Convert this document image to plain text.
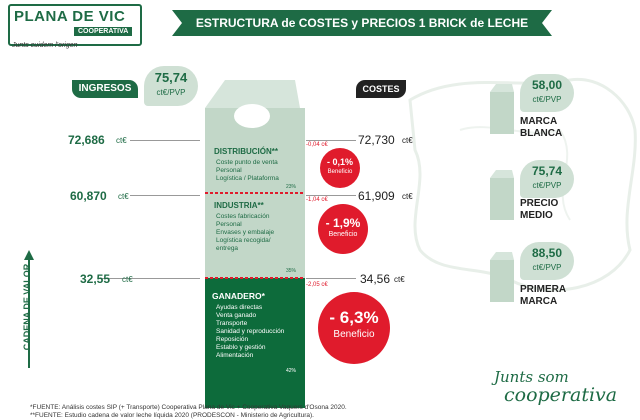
PLANA DE VIC
COOPERATIVA
Junts cuidem l'origen
ESTRUCTURA de COSTES y PRECIOS 1 BRICK de LECHE
INGRESOS
75,74
ct€/PVP	COSTES
72,686 ct€	72,730 ct€
-0,04 c€
60,870 ct€	61,909 ct€
-1,04 c€
32,55 ct€	34,56 ct€
-2,05 c€
DISTRIBUCIÓN**
Coste punto de venta
Personal
Logística / Plataforma
23%
INDUSTRIA**
Costes fabricación
Personal
Envases y embalaje
Logística recogida/
entrega
35%
GANADERO*
Ayudas directas
Venta ganado
Transporte
Sanidad y reproducción
Reposición
Establo y gestión
Alimentación
42%
- 0,1%
Beneficio
- 1,9%
Beneficio
- 6,3%
Beneficio
CADENA DE VALOR
58,00
ct€/PVP
MARCA
BLANCA
75,74
ct€/PVP
PRECIO
MEDIO
88,50
ct€/PVP
PRIMERA
MARCA
Junts som
cooperativa
*FUENTE: Análisis costes SIP (+ Transporte) Cooperativa Plana de Vic + Cooperativa Vaquers d'Osona 2020.
**FUENTE: Estudio cadena de valor leche líquida 2020 (PRODESCON - Ministerio de Agricultura).
